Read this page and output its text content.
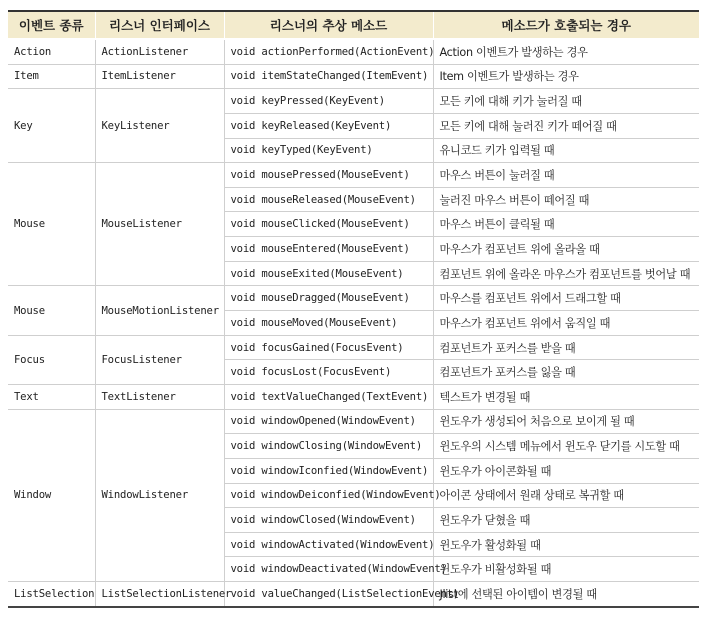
이벤트 종류	리스너 인터페이스	리스너의 추상 메소드	메소드가 호출되는 경우
Action	ActionListener	void actionPerformed(ActionEvent)	Action 이벤트가 발생하는 경우
Item	ItemListener	void itemStateChanged(ItemEvent)	Item 이벤트가 발생하는 경우
Key	KeyListener	void keyPressed(KeyEvent)	모든 키에 대해 키가 눌러질 때
		void keyReleased(KeyEvent)	모든 키에 대해 눌러진 키가 떼어질 때
		void keyTyped(KeyEvent)	유니코드 키가 입력될 때
Mouse	MouseListener	void mousePressed(MouseEvent)	마우스 버튼이 눌러질 때
		void mouseReleased(MouseEvent)	눌러진 마우스 버튼이 떼어질 때
		void mouseClicked(MouseEvent)	마우스 버튼이 클릭될 때
		void mouseEntered(MouseEvent)	마우스가 컴포넌트 위에 올라올 때
		void mouseExited(MouseEvent)	컴포넌트 위에 올라온 마우스가 컴포넌트를 벗어날 때
Mouse	MouseMotionListener	void mouseDragged(MouseEvent)	마우스를 컴포넌트 위에서 드래그할 때
		void mouseMoved(MouseEvent)	마우스가 컴포넌트 위에서 움직일 때
Focus	FocusListener	void focusGained(FocusEvent)	컴포넌트가 포커스를 받을 때
		void focusLost(FocusEvent)	컴포넌트가 포커스를 잃을 때
Text	TextListener	void textValueChanged(TextEvent)	텍스트가 변경될 때
Window	WindowListener	void windowOpened(WindowEvent)	윈도우가 생성되어 처음으로 보이게 될 때
		void windowClosing(WindowEvent)	윈도우의 시스템 메뉴에서 윈도우 닫기를 시도할 때
		void windowIconfied(WindowEvent)	윈도우가 아이콘화될 때
		void windowDeiconfied(WindowEvent)	아이콘 상태에서 원래 상태로 복귀할 때
		void windowClosed(WindowEvent)	윈도우가 닫혔을 때
		void windowActivated(WindowEvent)	윈도우가 활성화될 때
		void windowDeactivated(WindowEvent)	윈도우가 비활성화될 때
ListSelection	ListSelectionListener	void valueChanged(ListSelectionEvent)	Jlist에 선택된 아이템이 변경될 때
